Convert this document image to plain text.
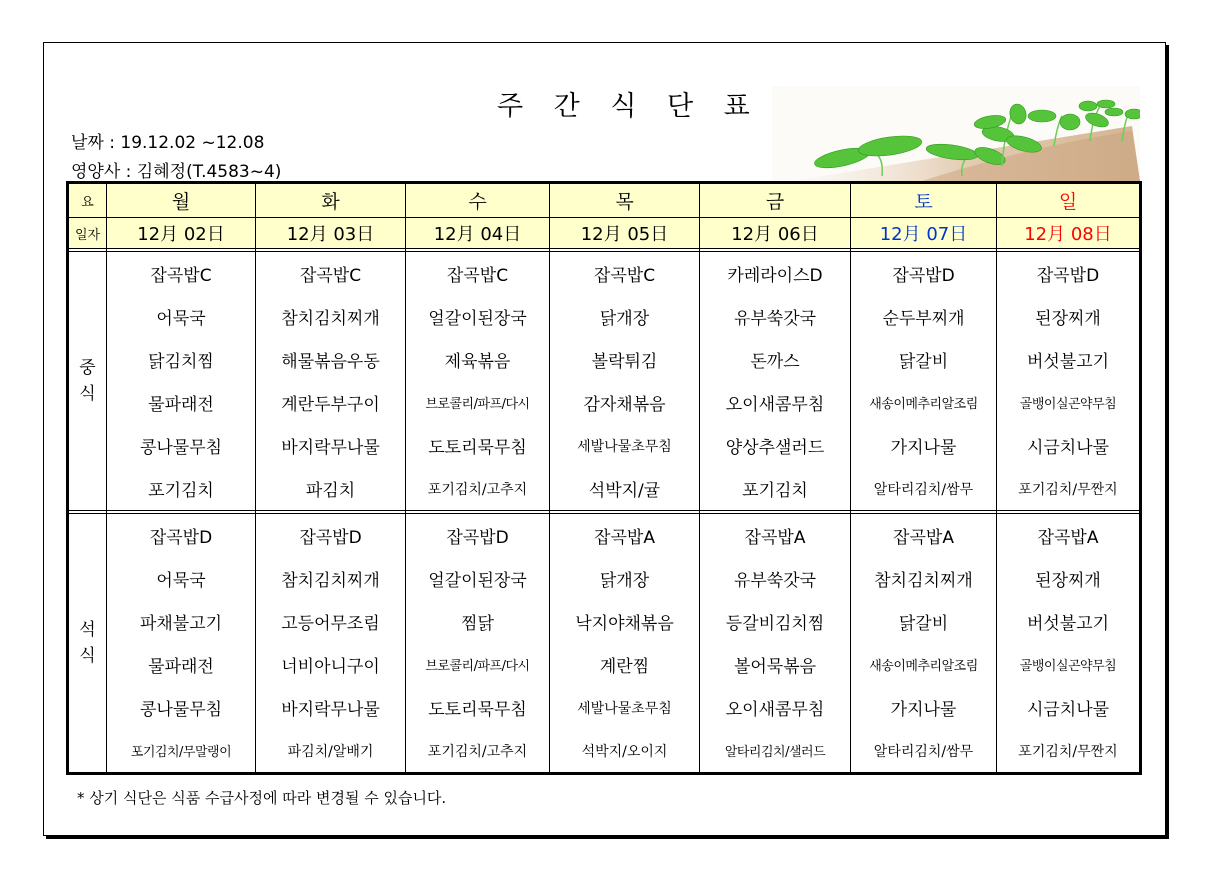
주 간 식 단 표
날짜 : 19.12.02 ~12.08
영양사 : 김혜정(T.4583~4)
요	월	화	수	목	금	토	일
일자	12月 02日	12月 03日	12月 04日	12月 05日	12月 06日	12月 07日	12月 08日

중
식	잡곡밥C	잡곡밥C	잡곡밥C	잡곡밥C	카레라이스D	잡곡밥D	잡곡밥D
	어묵국	참치김치찌개	얼갈이된장국	닭개장	유부쑥갓국	순두부찌개	된장찌개
	닭김치찜	해물볶음우동	제육볶음	볼락튀김	돈까스	닭갈비	버섯불고기
	물파래전	계란두부구이	브로콜리/파프/다시	감자채볶음	오이새콤무침	새송이메추리알조림	골뱅이실곤약무침
	콩나물무침	바지락무나물	도토리묵무침	세발나물초무침	양상추샐러드	가지나물	시금치나물
	포기김치	파김치	포기김치/고추지	석박지/귤	포기김치	알타리김치/쌈무	포기김치/무짠지

석
식	잡곡밥D	잡곡밥D	잡곡밥D	잡곡밥A	잡곡밥A	잡곡밥A	잡곡밥A
	어묵국	참치김치찌개	얼갈이된장국	닭개장	유부쑥갓국	참치김치찌개	된장찌개
	파채불고기	고등어무조림	찜닭	낙지야채볶음	등갈비김치찜	닭갈비	버섯불고기
	물파래전	너비아니구이	브로콜리/파프/다시	계란찜	볼어묵볶음	새송이메추리알조림	골뱅이실곤약무침
	콩나물무침	바지락무나물	도토리묵무침	세발나물초무침	오이새콤무침	가지나물	시금치나물
	포기김치/무말랭이	파김치/알배기	포기김치/고추지	석박지/오이지	알타리김치/샐러드	알타리김치/쌈무	포기김치/무짠지
* 상기 식단은 식품 수급사정에 따라 변경될 수 있습니다.
